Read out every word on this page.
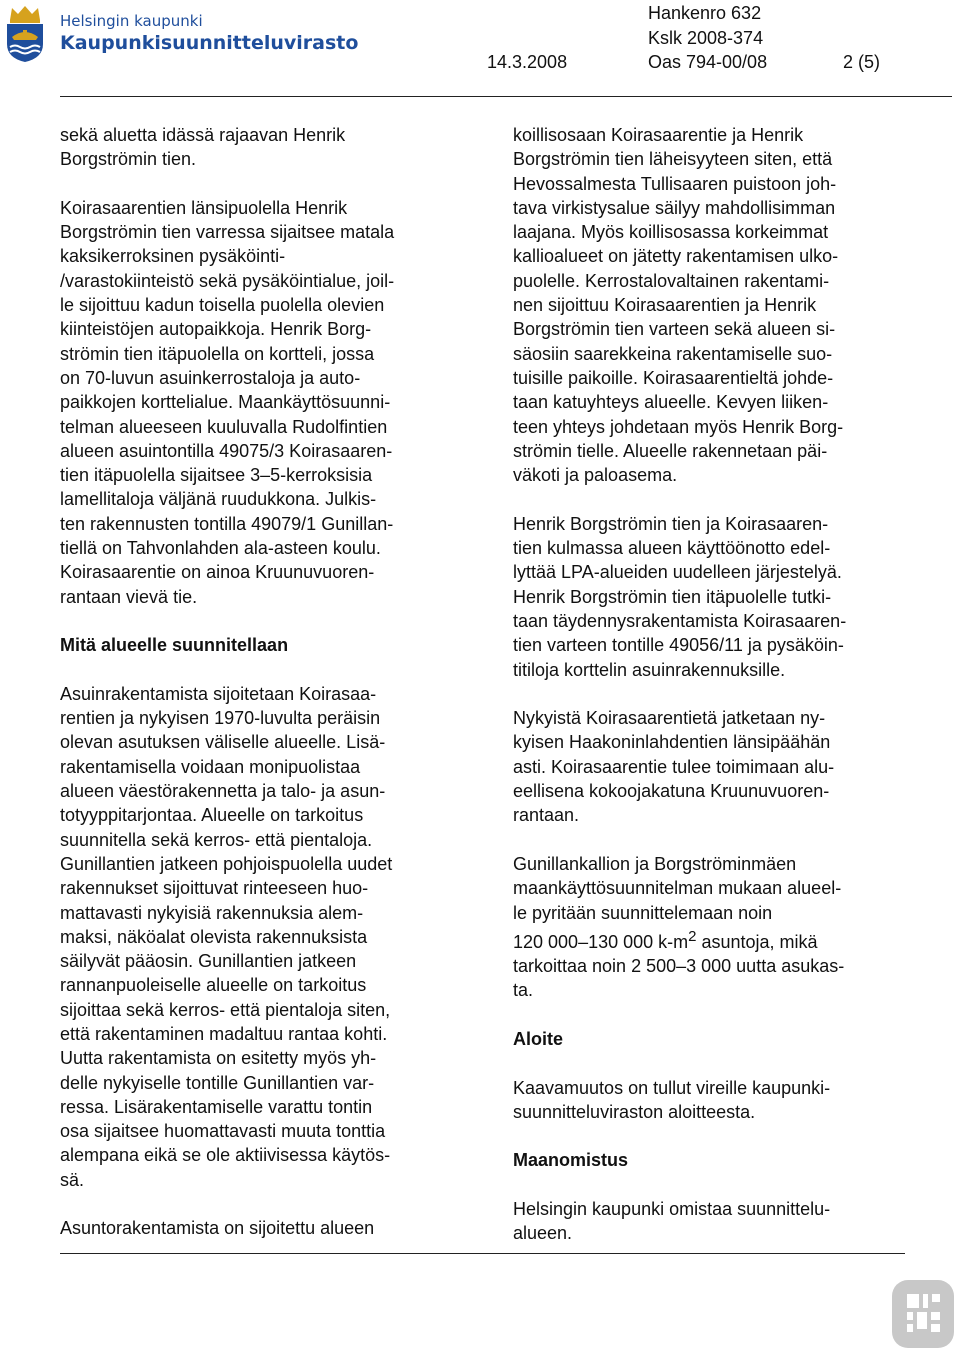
Helsingin kaupunki
Kaupunkisuunnitteluvirasto
Hankenro 632
Kslk 2008-374
14.3.2008	Oas 794-00/08	2 (5)

sekä aluetta idässä rajaavan Henrik
Borgströmin tien.

Koirasaarentien länsipuolella Henrik
Borgströmin tien varressa sijaitsee matala
kaksikerroksinen pysäköinti-
/varastokiinteistö sekä pysäköintialue, joil-
le sijoittuu kadun toisella puolella olevien
kiinteistöjen autopaikkoja. Henrik Borg-
strömin tien itäpuolella on kortteli, jossa
on 70-luvun asuinkerrostaloja ja auto-
paikkojen korttelialue. Maankäyttösuunni-
telman alueeseen kuuluvalla Rudolfintien
alueen asuintontilla 49075/3 Koirasaaren-
tien itäpuolella sijaitsee 3–5-kerroksisia
lamellitaloja väljänä ruudukkona. Julkis-
ten rakennusten tontilla 49079/1 Gunillan-
tiellä on Tahvonlahden ala-asteen koulu.
Koirasaarentie on ainoa Kruunuvuoren-
rantaan vievä tie.

Mitä alueelle suunnitellaan

Asuinrakentamista sijoitetaan Koirasaa-
rentien ja nykyisen 1970-luvulta peräisin
olevan asutuksen väliselle alueelle. Lisä-
rakentamisella voidaan monipuolistaa
alueen väestörakennetta ja talo- ja asun-
totyyppitarjontaa. Alueelle on tarkoitus
suunnitella sekä kerros- että pientaloja.
Gunillantien jatkeen pohjoispuolella uudet
rakennukset sijoittuvat rinteeseen huo-
mattavasti nykyisiä rakennuksia alem-
maksi, näköalat olevista rakennuksista
säilyvät pääosin. Gunillantien jatkeen
rannanpuoleiselle alueelle on tarkoitus
sijoittaa sekä kerros- että pientaloja siten,
että rakentaminen madaltuu rantaa kohti.
Uutta rakentamista on esitetty myös yh-
delle nykyiselle tontille Gunillantien var-
ressa. Lisärakentamiselle varattu tontin
osa sijaitsee huomattavasti muuta tonttia
alempana eikä se ole aktiivisessa käytös-
sä.

Asuntorakentamista on sijoitettu alueen

koillisosaan Koirasaarentie ja Henrik
Borgströmin tien läheisyyteen siten, että
Hevossalmesta Tullisaaren puistoon joh-
tava virkistysalue säilyy mahdollisimman
laajana. Myös koillisosassa korkeimmat
kallioalueet on jätetty rakentamisen ulko-
puolelle. Kerrostalovaltainen rakentami-
nen sijoittuu Koirasaarentien ja Henrik
Borgströmin tien varteen sekä alueen si-
säosiin saarekkeina rakentamiselle suo-
tuisille paikoille. Koirasaarentieltä johde-
taan katuyhteys alueelle. Kevyen liiken-
teen yhteys johdetaan myös Henrik Borg-
strömin tielle. Alueelle rakennetaan päi-
väkoti ja paloasema.

Henrik Borgströmin tien ja Koirasaaren-
tien kulmassa alueen käyttöönotto edel-
lyttää LPA-alueiden uudelleen järjestelyä.
Henrik Borgströmin tien itäpuolelle tutki-
taan täydennysrakentamista Koirasaaren-
tien varteen tontille 49056/11 ja pysäköin-
titiloja korttelin asuinrakennuksille.

Nykyistä Koirasaarentietä jatketaan ny-
kyisen Haakoninlahdentien länsipäähän
asti. Koirasaarentie tulee toimimaan alu-
eellisena kokoojakatuna Kruunuvuoren-
rantaan.

Gunillankallion ja Borgströminmäen
maankäyttösuunnitelman mukaan alueel-
le pyritään suunnittelemaan noin
120 000–130 000 $k-m^2$ asuntoja, mikä
tarkoittaa noin 2 500–3 000 uutta asukas-
ta.

Aloite

Kaavamuutos on tullut vireille kaupunki-
suunnitteluviraston aloitteesta.

Maanomistus

Helsingin kaupunki omistaa suunnittelu-
alueen.
